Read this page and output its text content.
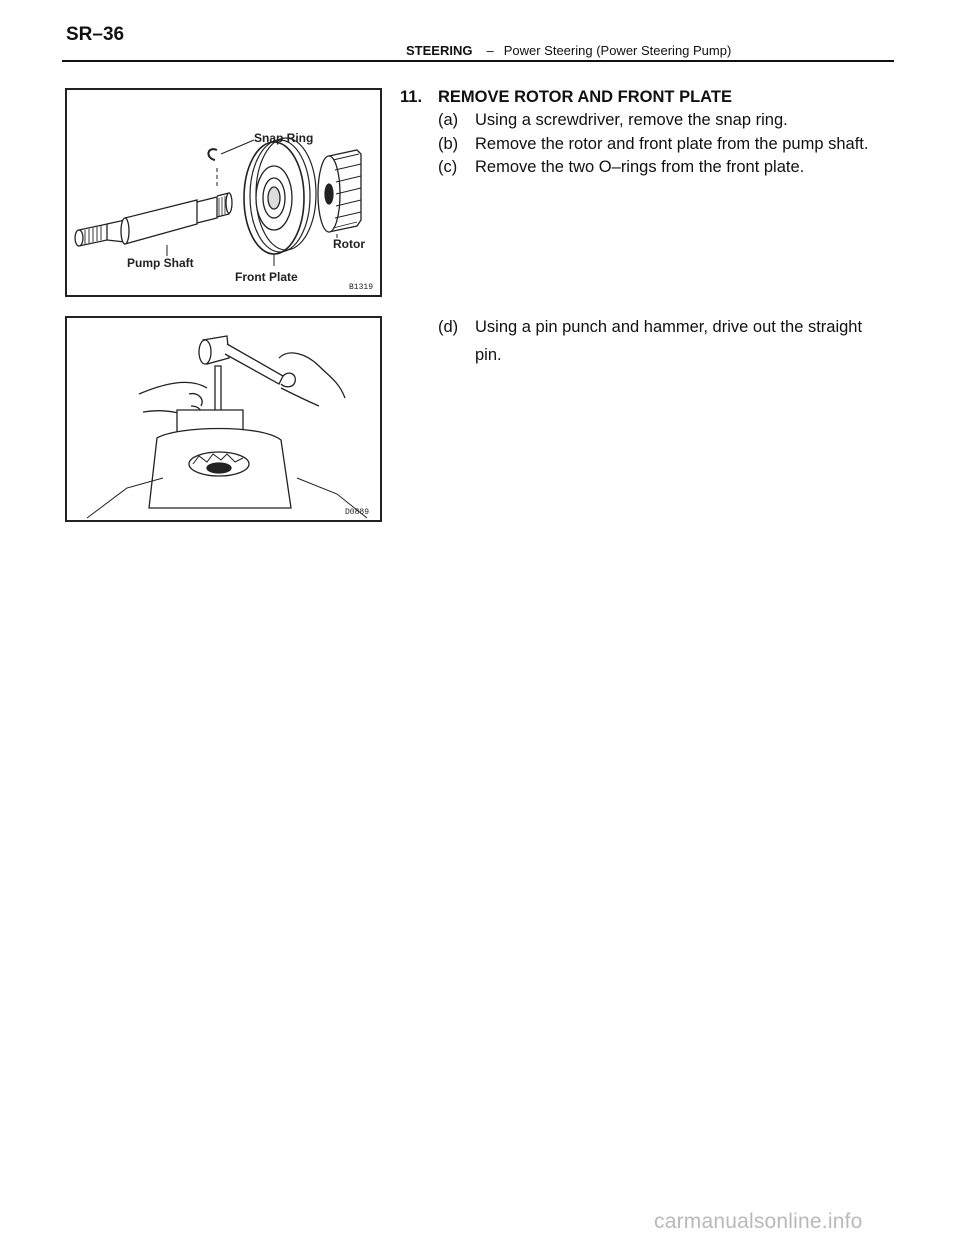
SR–36
STEERING – Power Steering (Power Steering Pump)
Snap Ring
Pump Shaft
Front Plate
Rotor
B1319
D0889
11. REMOVE ROTOR AND FRONT PLATE
(a) Using a screwdriver, remove the snap ring.
(b) Remove the rotor and front plate from the pump shaft.
(c) Remove the two O–rings from the front plate.
(d) Using a pin punch and hammer, drive out the straight
pin.
carmanualsonline.info
